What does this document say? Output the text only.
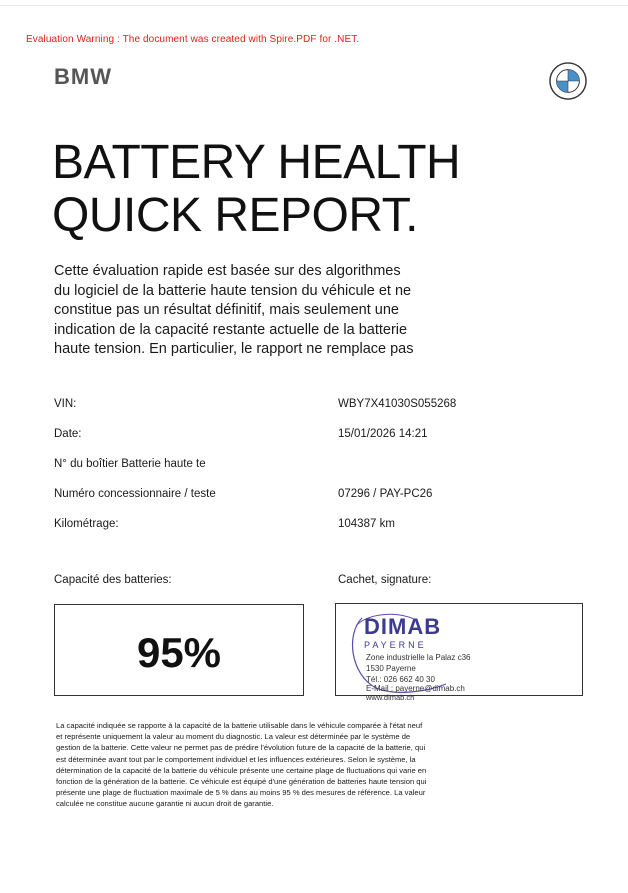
Evaluation Warning : The document was created with Spire.PDF for .NET.
BMW
BATTERY HEALTH
QUICK REPORT.
Cette évaluation rapide est basée sur des algorithmes du logiciel de la batterie haute tension du véhicule et ne constitue pas un résultat définitif, mais seulement une indication de la capacité restante actuelle de la batterie haute tension. En particulier, le rapport ne remplace pas
VIN:	WBY7X41030S055268
Date:	15/01/2026 14:21
N° du boîtier Batterie haute te
Numéro concessionnaire / teste	07296 / PAY-PC26
Kilométrage:	104387 km
Capacité des batteries:	Cachet, signature:
95%
DIMAB
PAYERNE
Zone industrielle la Palaz c36
1530 Payerne
Tél.: 026 662 40 30
E-Mail : payerne@dimab.ch
www.dimab.ch
La capacité indiquée se rapporte à la capacité de la batterie utilisable dans le véhicule comparée à l'état neuf et représente uniquement la valeur au moment du diagnostic. La valeur est déterminée par le système de gestion de la batterie. Cette valeur ne permet pas de prédire l'évolution future de la capacité de la batterie, qui est déterminée avant tout par le comportement individuel et les influences extérieures. Selon le système, la détermination de la capacité de la batterie du véhicule présente une certaine plage de fluctuations qui varie en fonction de la génération de la batterie. Ce véhicule est équipé d'une génération de batteries haute tension qui présente une plage de fluctuation maximale de 5 % dans au moins 95 % des mesures de référence. La valeur calculée ne constitue aucune garantie ni aucun droit de garantie.
